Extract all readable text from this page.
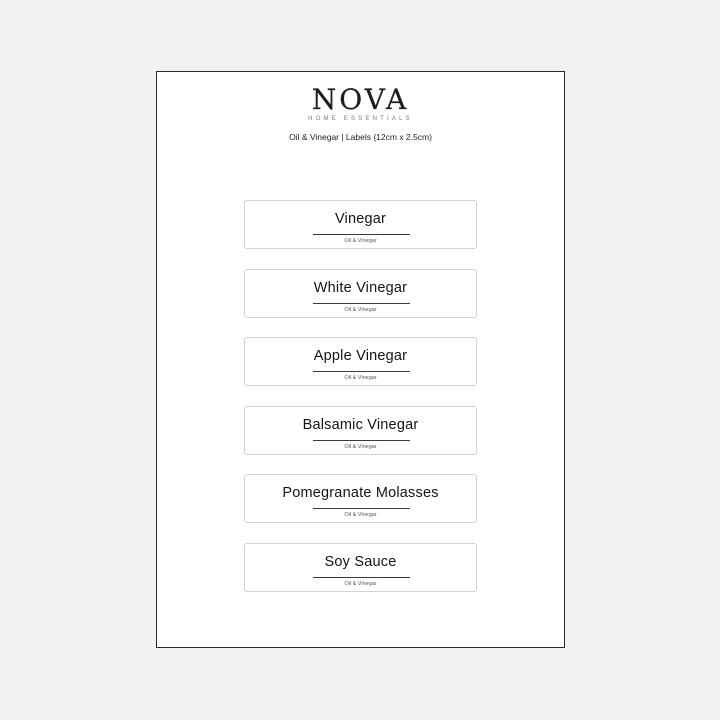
NOVA
HOME ESSENTIALS
Oil & Vinegar | Labels (12cm x 2.5cm)
Vinegar
Oil & Vinegar
White Vinegar
Oil & Vinegar
Apple Vinegar
Oil & Vinegar
Balsamic Vinegar
Oil & Vinegar
Pomegranate Molasses
Oil & Vinegar
Soy Sauce
Oil & Vinegar
